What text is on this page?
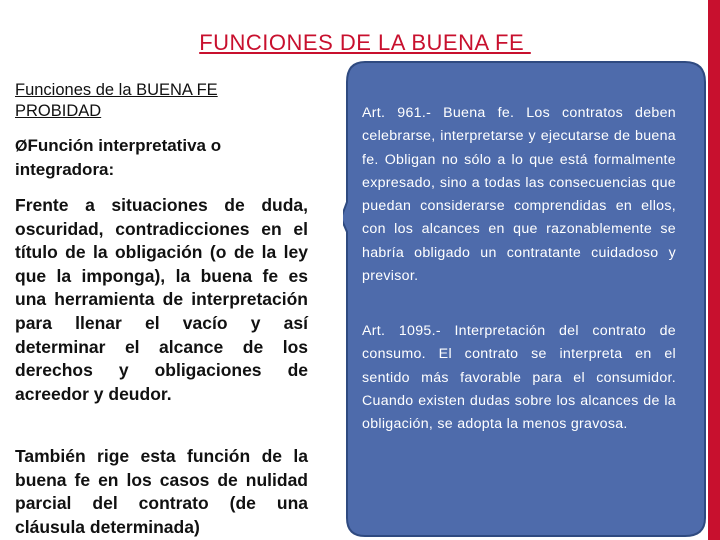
FUNCIONES DE LA BUENA FE
Funciones de la BUENA FE
PROBIDAD
ØFunción interpretativa o integradora:
Frente a situaciones de duda, oscuridad, contradicciones en el título de la obligación (o de la ley que la imponga), la buena fe es una herramienta de interpretación para llenar el vacío y así determinar el alcance de los derechos y obligaciones de acreedor y deudor.
También rige esta función de la buena fe en los casos de nulidad parcial del contrato (de una cláusula determinada)
Art. 961.- Buena fe. Los contratos deben celebrarse, interpretarse y ejecutarse de buena fe. Obligan no sólo a lo que está formalmente expresado, sino a todas las consecuencias que puedan considerarse comprendidas en ellos, con los alcances en que razonablemente se habría obligado un contratante cuidadoso y previsor.
Art. 1095.- Interpretación del contrato de consumo. El contrato se interpreta en el sentido más favorable para el consumidor. Cuando existen dudas sobre los alcances de la obligación, se adopta la menos gravosa.
